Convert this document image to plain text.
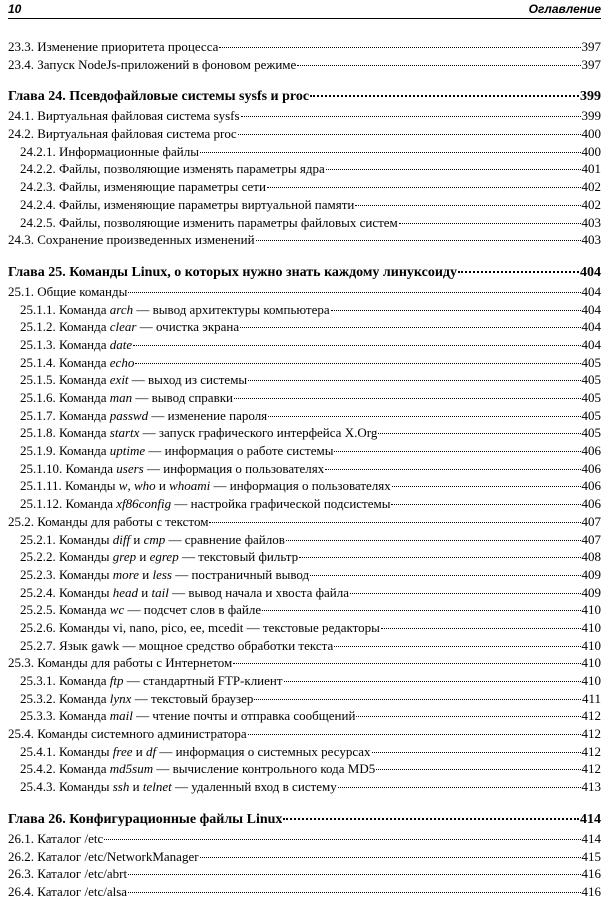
10	Оглавление
23.3. Изменение приоритета процесса	397
23.4. Запуск NodeJs-приложений в фоновом режиме	397
Глава 24. Псевдофайловые системы sysfs и proc	399
24.1. Виртуальная файловая система sysfs	399
24.2. Виртуальная файловая система proc	400
24.2.1. Информационные файлы	400
24.2.2. Файлы, позволяющие изменять параметры ядра	401
24.2.3. Файлы, изменяющие параметры сети	402
24.2.4. Файлы, изменяющие параметры виртуальной памяти	402
24.2.5. Файлы, позволяющие изменить параметры файловых систем	403
24.3. Сохранение произведенных изменений	403
Глава 25. Команды Linux, о которых нужно знать каждому линуксоиду	404
25.1. Общие команды	404
25.1.1. Команда arch — вывод архитектуры компьютера	404
25.1.2. Команда clear — очистка экрана	404
25.1.3. Команда date	404
25.1.4. Команда echo	405
25.1.5. Команда exit — выход из системы	405
25.1.6. Команда man — вывод справки	405
25.1.7. Команда passwd — изменение пароля	405
25.1.8. Команда startx — запуск графического интерфейса X.Org	405
25.1.9. Команда uptime — информация о работе системы	406
25.1.10. Команда users — информация о пользователях	406
25.1.11. Команды w, who и whoami — информация о пользователях	406
25.1.12. Команда xf86config — настройка графической подсистемы	406
25.2. Команды для работы с текстом	407
25.2.1. Команды diff и cmp — сравнение файлов	407
25.2.2. Команды grep и egrep — текстовый фильтр	408
25.2.3. Команды more и less — постраничный вывод	409
25.2.4. Команды head и tail — вывод начала и хвоста файла	409
25.2.5. Команда wc — подсчет слов в файле	410
25.2.6. Команды vi, nano, pico, ee, mcedit — текстовые редакторы	410
25.2.7. Язык gawk — мощное средство обработки текста	410
25.3. Команды для работы с Интернетом	410
25.3.1. Команда ftp — стандартный FTP-клиент	410
25.3.2. Команда lynx — текстовый браузер	411
25.3.3. Команда mail — чтение почты и отправка сообщений	412
25.4. Команды системного администратора	412
25.4.1. Команды free и df — информация о системных ресурсах	412
25.4.2. Команда md5sum — вычисление контрольного кода MD5	412
25.4.3. Команды ssh и telnet — удаленный вход в систему	413
Глава 26. Конфигурационные файлы Linux	414
26.1. Каталог /etc	414
26.2. Каталог /etc/NetworkManager	415
26.3. Каталог /etc/abrt	416
26.4. Каталог /etc/alsa	416
